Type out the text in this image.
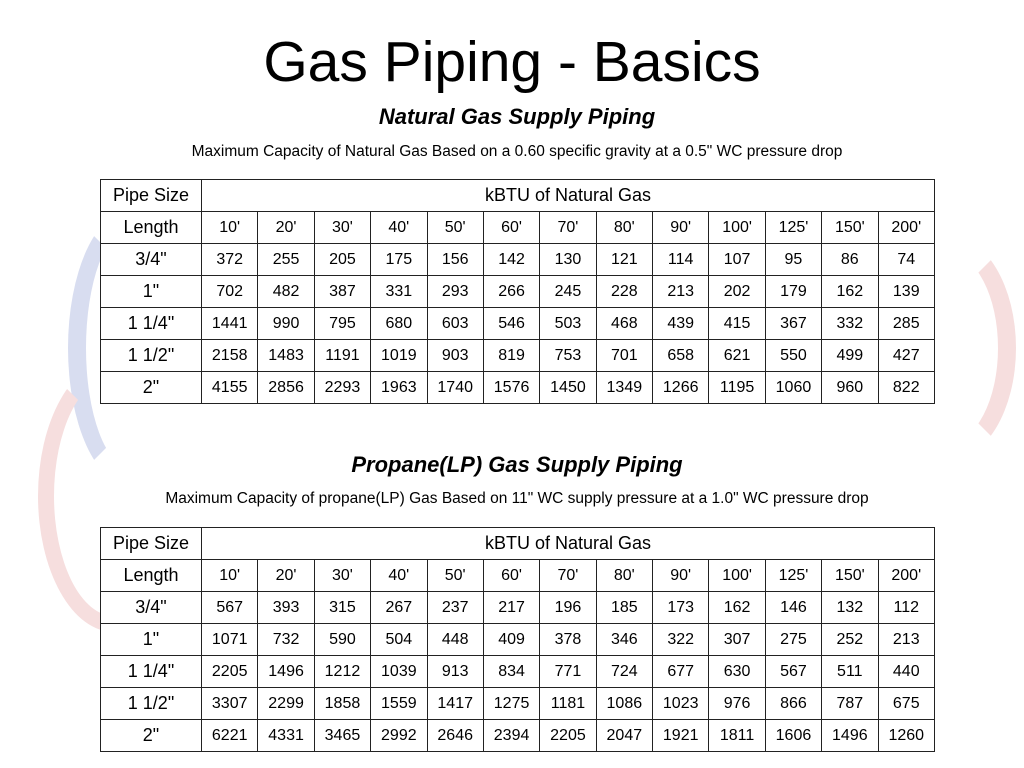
Gas Piping - Basics
Natural Gas Supply Piping

Maximum Capacity of Natural Gas Based on a 0.60 specific gravity at a 0.5" WC pressure drop

Pipe Size	kBTU of Natural Gas												
Length	10'	20'	30'	40'	50'	60'	70'	80'	90'	100'	125'	150'	200'
3/4"	372	255	205	175	156	142	130	121	114	107	95	86	74
1"	702	482	387	331	293	266	245	228	213	202	179	162	139
1 1/4"	1441	990	795	680	603	546	503	468	439	415	367	332	285
1 1/2"	2158	1483	1191	1019	903	819	753	701	658	621	550	499	427
2"	4155	2856	2293	1963	1740	1576	1450	1349	1266	1195	1060	960	822
Propane(LP) Gas Supply Piping

Maximum Capacity of propane(LP) Gas Based on 11" WC supply pressure at a 1.0" WC pressure drop

Pipe Size	kBTU of Natural Gas												
Length	10'	20'	30'	40'	50'	60'	70'	80'	90'	100'	125'	150'	200'
3/4"	567	393	315	267	237	217	196	185	173	162	146	132	112
1"	1071	732	590	504	448	409	378	346	322	307	275	252	213
1 1/4"	2205	1496	1212	1039	913	834	771	724	677	630	567	511	440
1 1/2"	3307	2299	1858	1559	1417	1275	1181	1086	1023	976	866	787	675
2"	6221	4331	3465	2992	2646	2394	2205	2047	1921	1811	1606	1496	1260
